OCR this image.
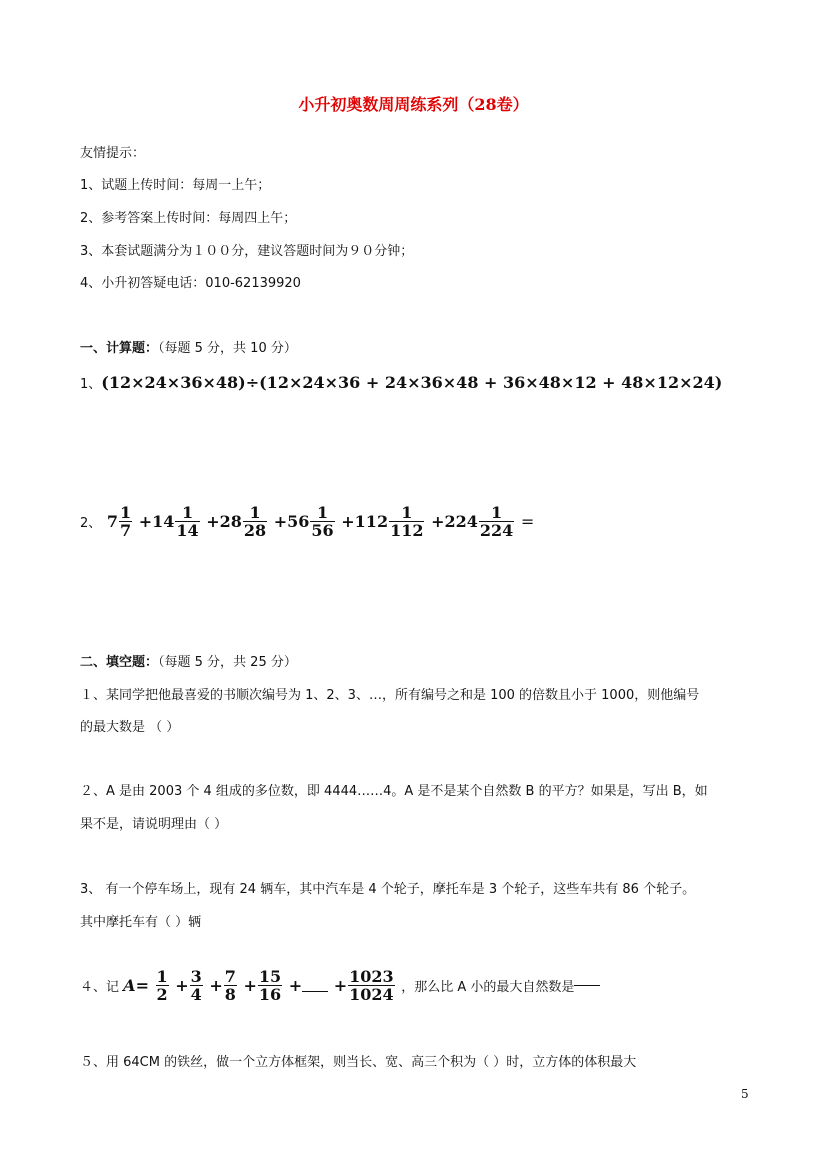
小升初奥数周周练系列（28卷）
友情提示：
1、试题上传时间：每周一上午；
2、参考答案上传时间：每周四上午；
3、本套试题满分为１００分，建议答题时间为９０分钟；
4、小升初答疑电话：010-62139920
一、计算题：（每题 5 分，共 10 分）
1、(12×24×36×48)÷(12×24×36 + 24×36×48 + 36×48×12 + 48×12×24)
2、 $7 \frac{1}{7} +14 \frac{1}{14} +28 \frac{1}{28} +56 \frac{1}{56} +112 \frac{1}{112} +224 \frac{1}{224}$ =
二、填空题：（每题 5 分，共 25 分）
１、某同学把他最喜爱的书顺次编号为 1、2、3、…，所有编号之和是 100 的倍数且小于 1000，则他编号
的最大数是 （ ）
２、A 是由 2003 个 4 组成的多位数，即 4444……4。A 是不是某个自然数 B 的平方？如果是，写出 B，如
果不是，请说明理由（ ）
3、 有一个停车场上，现有 24 辆车，其中汽车是 4 个轮子，摩托车是 3 个轮子，这些车共有 86 个轮子。
其中摩托车有（ ）辆
４、记 $A= \frac{1}{2} + \frac{3}{4} + \frac{7}{8} + \frac{15}{16}$ + + $\frac{1023}{1024}$ ，那么比 A 小的最大自然数是
５、用 64CM 的铁丝，做一个立方体框架，则当长、宽、高三个积为（ ）时，立方体的体积最大
5
